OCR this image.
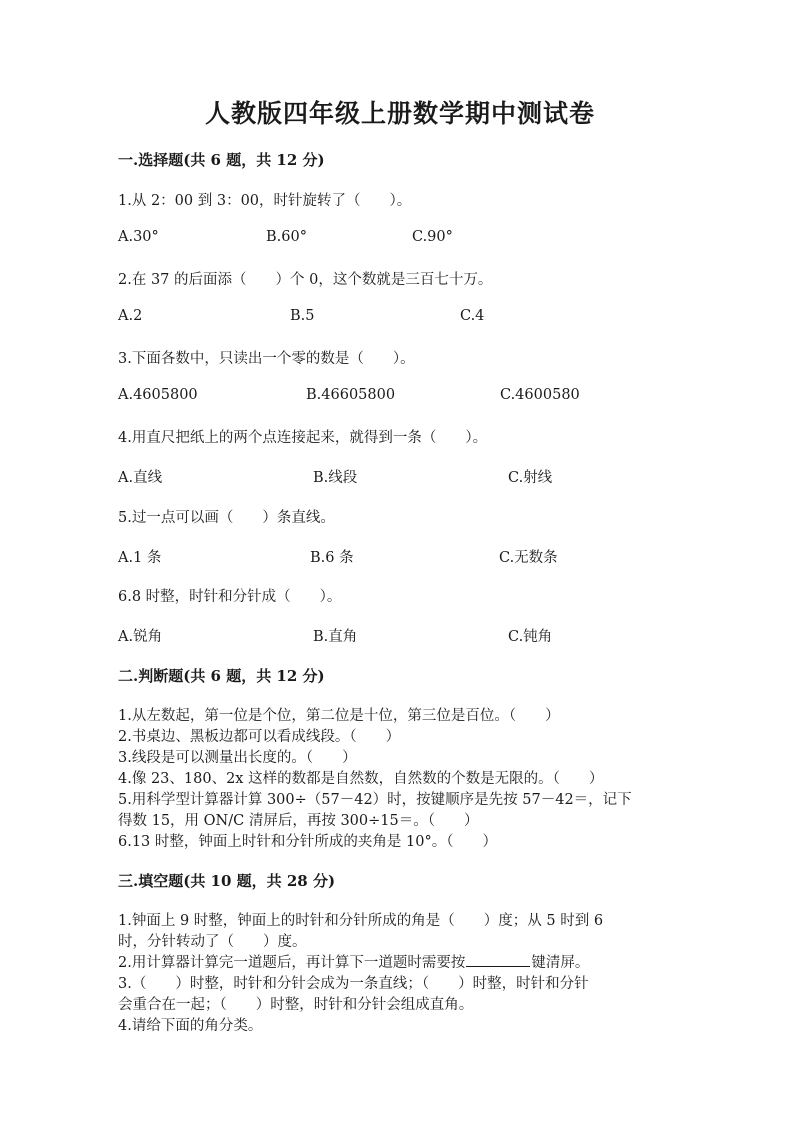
人教版四年级上册数学期中测试卷
一.选择题(共 6 题，共 12 分)
1.从 2：00 到 3：00，时针旋转了（　　）。
A.30°	B.60°	C.90°
2.在 37 的后面添（　　）个 0，这个数就是三百七十万。
A.2	B.5	C.4
3.下面各数中，只读出一个零的数是（　　）。
A.4605800	B.46605800	C.4600580
4.用直尺把纸上的两个点连接起来，就得到一条（　　）。
A.直线	B.线段	C.射线
5.过一点可以画（　　）条直线。
A.1 条	B.6 条	C.无数条
6.8 时整，时针和分针成（　　）。
A.锐角	B.直角	C.钝角
二.判断题(共 6 题，共 12 分)
1.从左数起，第一位是个位，第二位是十位，第三位是百位。（　　）
2.书桌边、黑板边都可以看成线段。（　　）
3.线段是可以测量出长度的。（　　）
4.像 23、180、2x 这样的数都是自然数，自然数的个数是无限的。（　　）
5.用科学型计算器计算 300÷（57－42）时，按键顺序是先按 57－42＝，记下
得数 15，用 ON/C 清屏后，再按 300÷15＝。（　　）
6.13 时整，钟面上时针和分针所成的夹角是 10°。（　　）
三.填空题(共 10 题，共 28 分)
1.钟面上 9 时整，钟面上的时针和分针所成的角是（　　）度；从 5 时到 6
时，分针转动了（　　）度。
2.用计算器计算完一道题后，再计算下一道题时需要按	键清屏。
3.（　　）时整，时针和分针会成为一条直线；（　　）时整，时针和分针
会重合在一起；（　　）时整，时针和分针会组成直角。
4.请给下面的角分类。
